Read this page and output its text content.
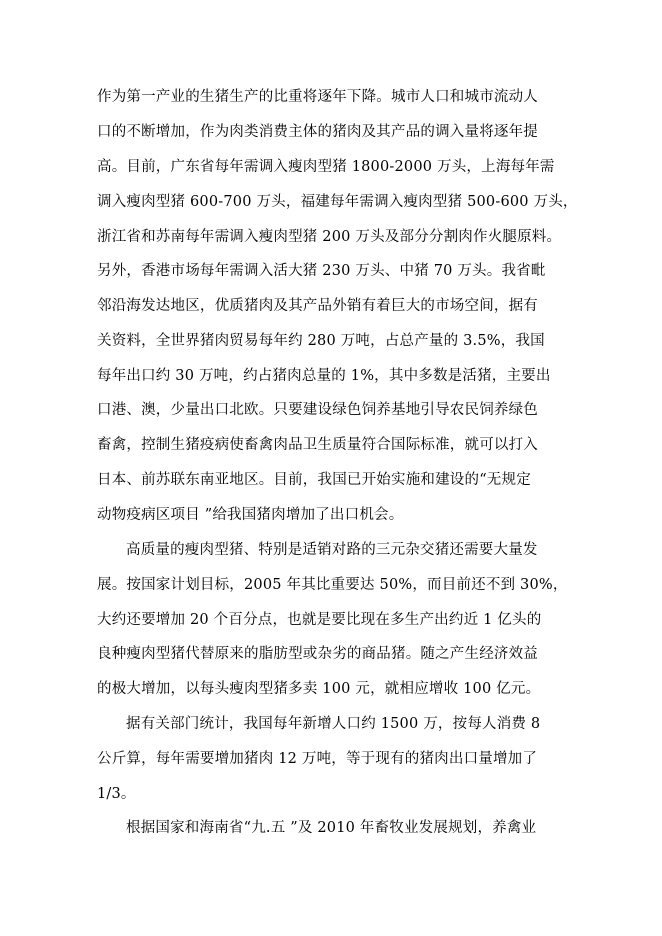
作为第一产业的生猪生产的比重将逐年下降。城市人口和城市流动人
口的不断增加，作为肉类消费主体的猪肉及其产品的调入量将逐年提
高。目前，广东省每年需调入瘦肉型猪 1800-2000 万头，上海每年需
调入瘦肉型猪 600-700 万头，福建每年需调入瘦肉型猪 500-600 万头，
浙江省和苏南每年需调入瘦肉型猪 200 万头及部分分割肉作火腿原料。
另外，香港市场每年需调入活大猪 230 万头、中猪 70 万头。我省毗
邻沿海发达地区，优质猪肉及其产品外销有着巨大的市场空间，据有
关资料，全世界猪肉贸易每年约 280 万吨，占总产量的 3.5%，我国
每年出口约 30 万吨，约占猪肉总量的 1%，其中多数是活猪，主要出
口港、澳，少量出口北欧。只要建设绿色饲养基地引导农民饲养绿色
畜禽，控制生猪疫病使畜禽肉品卫生质量符合国际标准，就可以打入
日本、前苏联东南亚地区。目前，我国已开始实施和建设的“无规定
动物疫病区项目 ”给我国猪肉增加了出口机会。
高质量的瘦肉型猪、特别是适销对路的三元杂交猪还需要大量发
展。按国家计划目标，2005 年其比重要达 50%，而目前还不到 30%，
大约还要增加 20 个百分点，也就是要比现在多生产出约近 1 亿头的
良种瘦肉型猪代替原来的脂肪型或杂劣的商品猪。随之产生经济效益
的极大增加，以每头瘦肉型猪多卖 100 元，就相应增收 100 亿元。
据有关部门统计，我国每年新增人口约 1500 万，按每人消费 8
公斤算，每年需要增加猪肉 12 万吨，等于现有的猪肉出口量增加了
1/3。
根据国家和海南省“九.五 ”及 2010 年畜牧业发展规划，养禽业
